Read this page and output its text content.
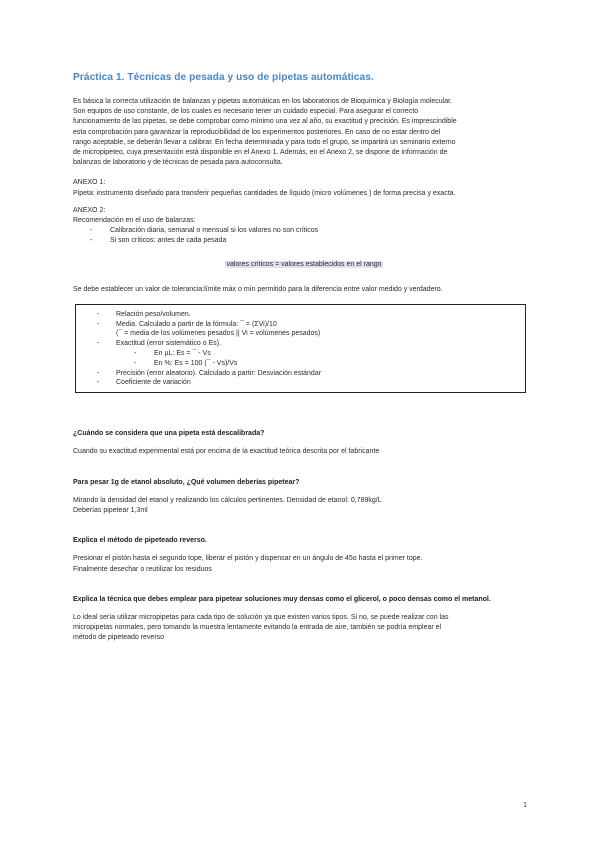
Práctica 1. Técnicas de pesada y uso de pipetas automáticas.
Es básica la correcta utilización de balanzas y pipetas automáticas en los laboratorios de Bioquímica y Biología molecular.
Son equipos de uso constante, de los cuales es necesario tener un cuidado especial. Para asegurar el correcto
funcionamiento de las pipetas, se debe comprobar como mínimo una vez al año, su exactitud y precisión. Es imprescindible
esta comprobación para garantizar la reproducibilidad de los experimentos posteriores. En caso de no estar dentro del
rango aceptable, se deberán llevar a calibrar. En fecha determinada y para todo el grupo, se impartirá un seminario externo
de micropipeteo, cuya presentación está disponible en el Anexo 1. Además, en el Anexo 2, se dispone de información de
balanzas de laboratorio y de técnicas de pesada para autoconsulta.
ANEXO 1:
Pipeta: instrumento diseñado para transferir pequeñas cantidades de líquido (micro volúmenes ) de forma precisa y exacta.
ANEXO 2:
Recomendación en el uso de balanzas:
- Calibración diaria, semanal o mensual si los valores no son críticos
- Si son críticos: antes de cada pesada
valores críticos = valores establecidos en el rango
Se debe establecer un valor de tolerancia:límite máx o mín permitido para la diferencia entre valor medido y verdadero.
- Relación peso/volumen.
- Media. Calculado a partir de la fórmula: ¯ = (ΣVi)/10
(¯ = media de los volúmenes pesados || Vi = volúmenes pesados)
- Exactitud (error sistemático o Es).
- En µL: Es = ¯ - Vs
- En %: Es = 100 (¯ - Vs)/Vs
- Precisión (error aleatorio). Calculado a partir: Desviación estándar
- Coeficiente de variación
¿Cuándo se considera que una pipeta está descalibrada?
Cuando su exactitud experimental está por encima de la exactitud teórica descrita por el fabricante
Para pesar 1g de etanol absoluto, ¿Qué volumen deberías pipetear?
Mirando la densidad del etanol y realizando los cálculos pertinentes. Densidad de etanol: 0,789kg/L
Deberías pipetear 1,3ml
Explica el método de pipeteado reverso.
Presionar el pistón hasta el segundo tope, liberar el pistón y dispensar en un ángulo de 45o hasta el primer tope.
Finalmente desechar o reutilizar los residuos
Explica la técnica que debes emplear para pipetear soluciones muy densas como el glicerol, o poco densas como el metanol.
Lo ideal sería utilizar micropipetas para cada tipo de solución ya que existen varios tipos. Si no, se puede realizar con las
micropipetas normales, pero tomando la muestra lentamente evitando la entrada de aire, también se podría emplear el
método de pipeteado reverso
1
